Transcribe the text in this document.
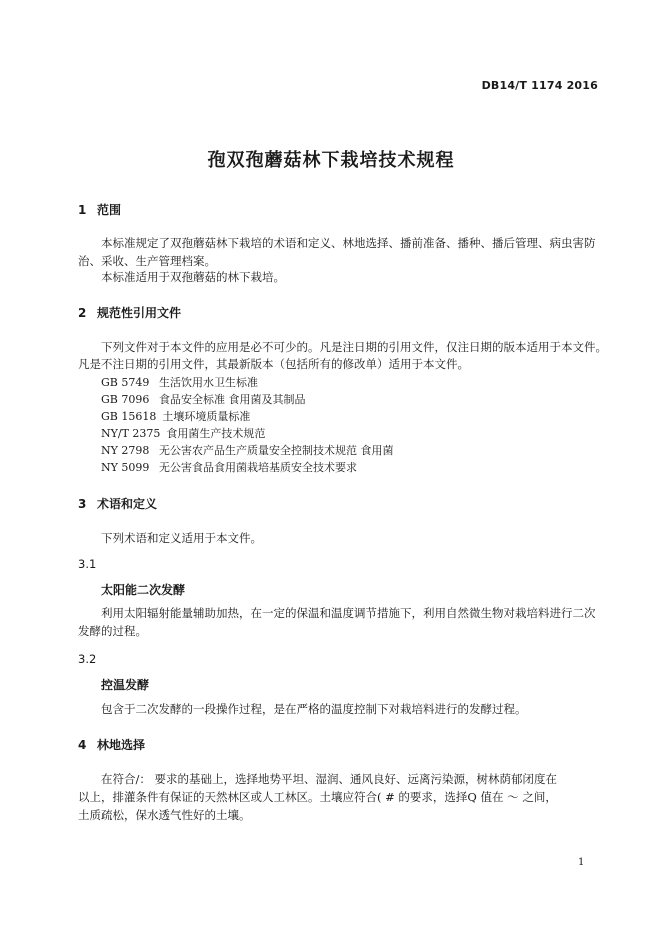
DB14/T 1174 2016
孢双孢蘑菇林下栽培技术规程
1 范围
本标准规定了双孢蘑菇林下栽培的术语和定义、林地选择、播前准备、播种、播后管理、病虫害防
治、采收、生产管理档案。
本标准适用于双孢蘑菇的林下栽培。
2 规范性引用文件
下列文件对于本文件的应用是必不可少的。凡是注日期的引用文件，仅注日期的版本适用于本文件。
凡是不注日期的引用文件，其最新版本（包括所有的修改单）适用于本文件。
GB 5749 生活饮用水卫生标准
GB 7096 食品安全标准 食用菌及其制品
GB 15618 土壤环境质量标准
NY/T 2375 食用菌生产技术规范
NY 2798 无公害农产品生产质量安全控制技术规范 食用菌
NY 5099 无公害食品食用菌栽培基质安全技术要求
3 术语和定义
下列术语和定义适用于本文件。
3.1
太阳能二次发酵
利用太阳辐射能量辅助加热，在一定的保温和温度调节措施下，利用自然微生物对栽培料进行二次
发酵的过程。
3.2
控温发酵
包含于二次发酵的一段操作过程，是在严格的温度控制下对栽培料进行的发酵过程。
4 林地选择
在符合/： 要求的基础上，选择地势平坦、湿润、通风良好、远离污染源，树林荫郁闭度在
以上，排灌条件有保证的天然林区或人工林区。土壤应符合( # 的要求，选择Q 值在 ～ 之间，
土质疏松，保水透气性好的土壤。
1
